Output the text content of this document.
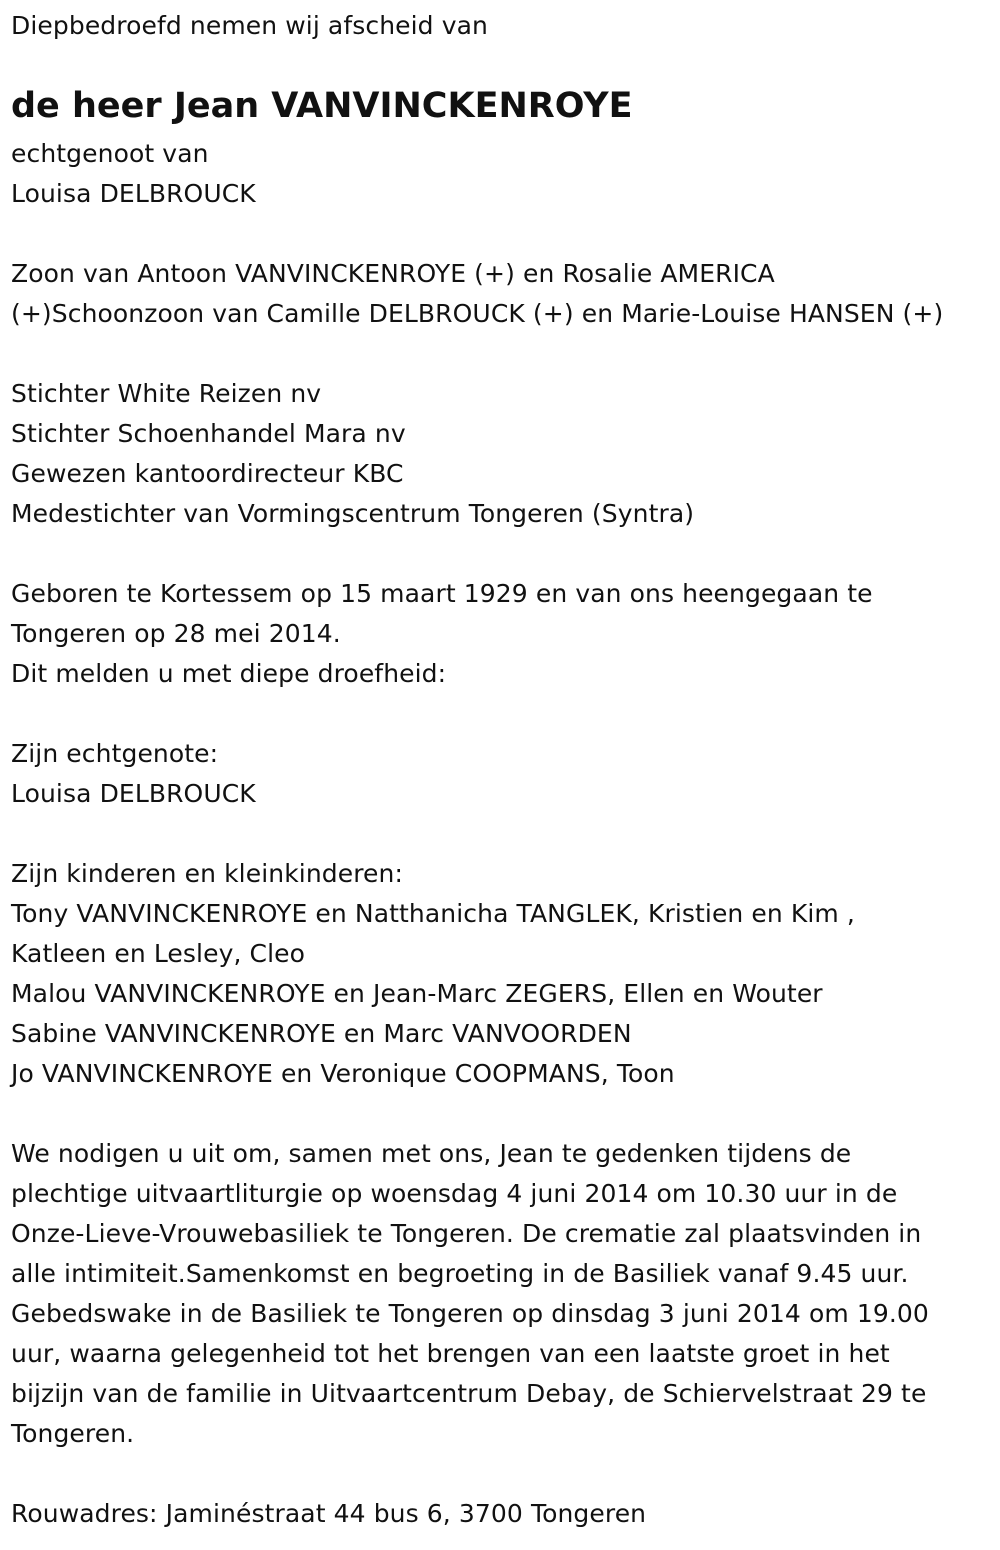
Diepbedroefd nemen wij afscheid van
de heer Jean VANVINCKENROYE
echtgenoot van
Louisa DELBROUCK
Zoon van Antoon VANVINCKENROYE (+) en Rosalie AMERICA
(+)Schoonzoon van Camille DELBROUCK (+) en Marie-Louise HANSEN (+)
Stichter White Reizen nv
Stichter Schoenhandel Mara nv
Gewezen kantoordirecteur KBC
Medestichter van Vormingscentrum Tongeren (Syntra)
Geboren te Kortessem op 15 maart 1929 en van ons heengegaan te
Tongeren op 28 mei 2014.
Dit melden u met diepe droefheid:
Zijn echtgenote:
Louisa DELBROUCK
Zijn kinderen en kleinkinderen:
Tony VANVINCKENROYE en Natthanicha TANGLEK, Kristien en Kim ,
Katleen en Lesley, Cleo
Malou VANVINCKENROYE en Jean-Marc ZEGERS, Ellen en Wouter
Sabine VANVINCKENROYE en Marc VANVOORDEN
Jo VANVINCKENROYE en Veronique COOPMANS, Toon
We nodigen u uit om, samen met ons, Jean te gedenken tijdens de
plechtige uitvaartliturgie op woensdag 4 juni 2014 om 10.30 uur in de
Onze-Lieve-Vrouwebasiliek te Tongeren. De crematie zal plaatsvinden in
alle intimiteit.Samenkomst en begroeting in de Basiliek vanaf 9.45 uur.
Gebedswake in de Basiliek te Tongeren op dinsdag 3 juni 2014 om 19.00
uur, waarna gelegenheid tot het brengen van een laatste groet in het
bijzijn van de familie in Uitvaartcentrum Debay, de Schiervelstraat 29 te
Tongeren.
Rouwadres: Jaminéstraat 44 bus 6, 3700 Tongeren
